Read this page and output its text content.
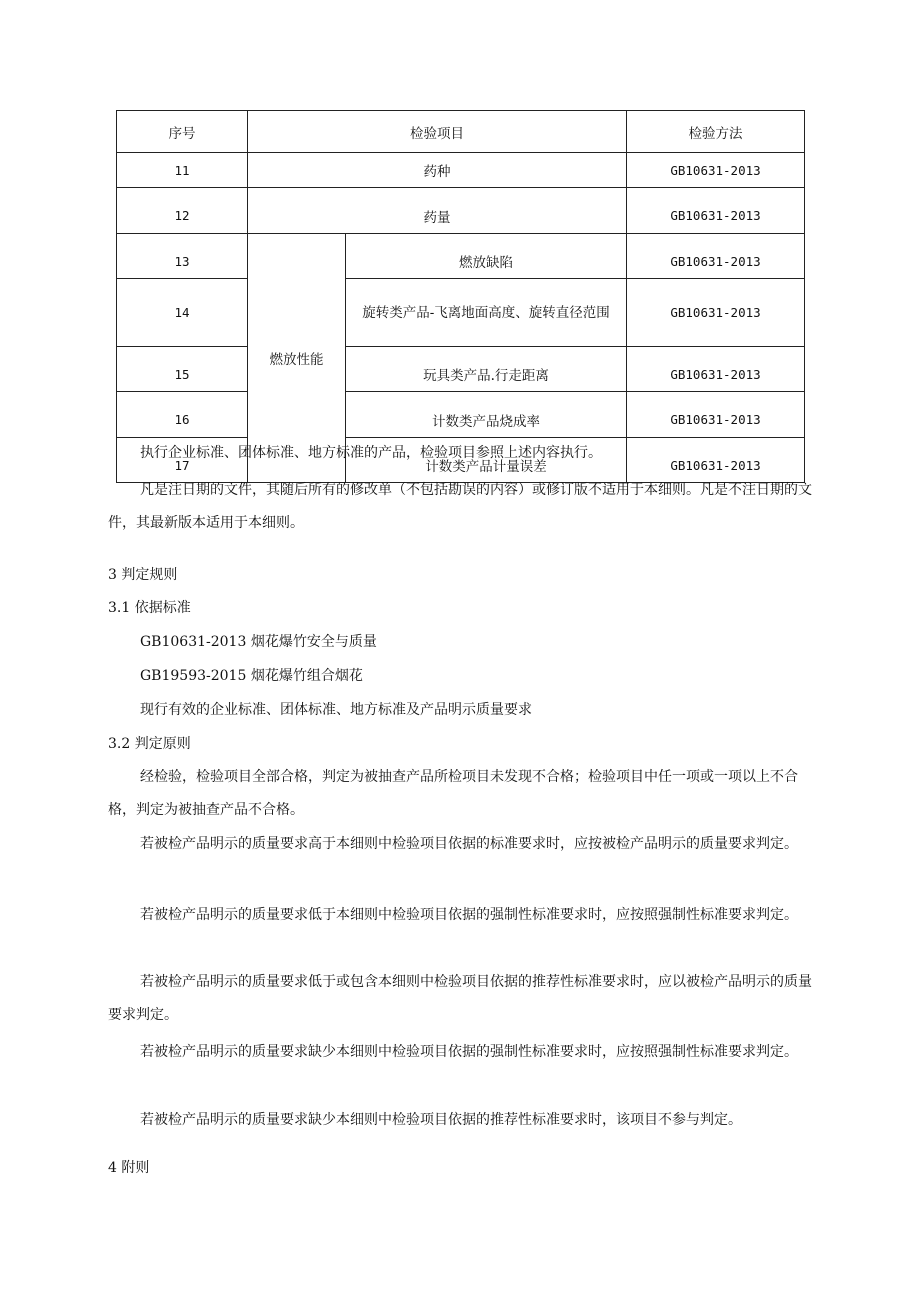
序号	检验项目		检验方法
11	药种		GB10631-2013
12	药量		GB10631-2013
13	燃放性能	燃放缺陷	GB10631-2013
14		旋转类产品-飞离地面高度、旋转直径范围	GB10631-2013
15		玩具类产品.行走距离	GB10631-2013
16		计数类产品烧成率	GB10631-2013
17		计数类产品计量误差	GB10631-2013

执行企业标准、团体标准、地方标准的产品，检验项目参照上述内容执行。

凡是注日期的文件，其随后所有的修改单（不包括勘误的内容）或修订版不适用于本细则。凡是不注日期的文件，其最新版本适用于本细则。

3 判定规则

3.1 依据标准

GB10631-2013 烟花爆竹安全与质量

GB19593-2015 烟花爆竹组合烟花

现行有效的企业标准、团体标准、地方标准及产品明示质量要求

3.2 判定原则

经检验，检验项目全部合格，判定为被抽查产品所检项目未发现不合格；检验项目中任一项或一项以上不合格，判定为被抽查产品不合格。

若被检产品明示的质量要求高于本细则中检验项目依据的标准要求时，应按被检产品明示的质量要求判定。

若被检产品明示的质量要求低于本细则中检验项目依据的强制性标准要求时，应按照强制性标准要求判定。

若被检产品明示的质量要求低于或包含本细则中检验项目依据的推荐性标准要求时，应以被检产品明示的质量要求判定。

若被检产品明示的质量要求缺少本细则中检验项目依据的强制性标准要求时，应按照强制性标准要求判定。

若被检产品明示的质量要求缺少本细则中检验项目依据的推荐性标准要求时，该项目不参与判定。

4 附则
